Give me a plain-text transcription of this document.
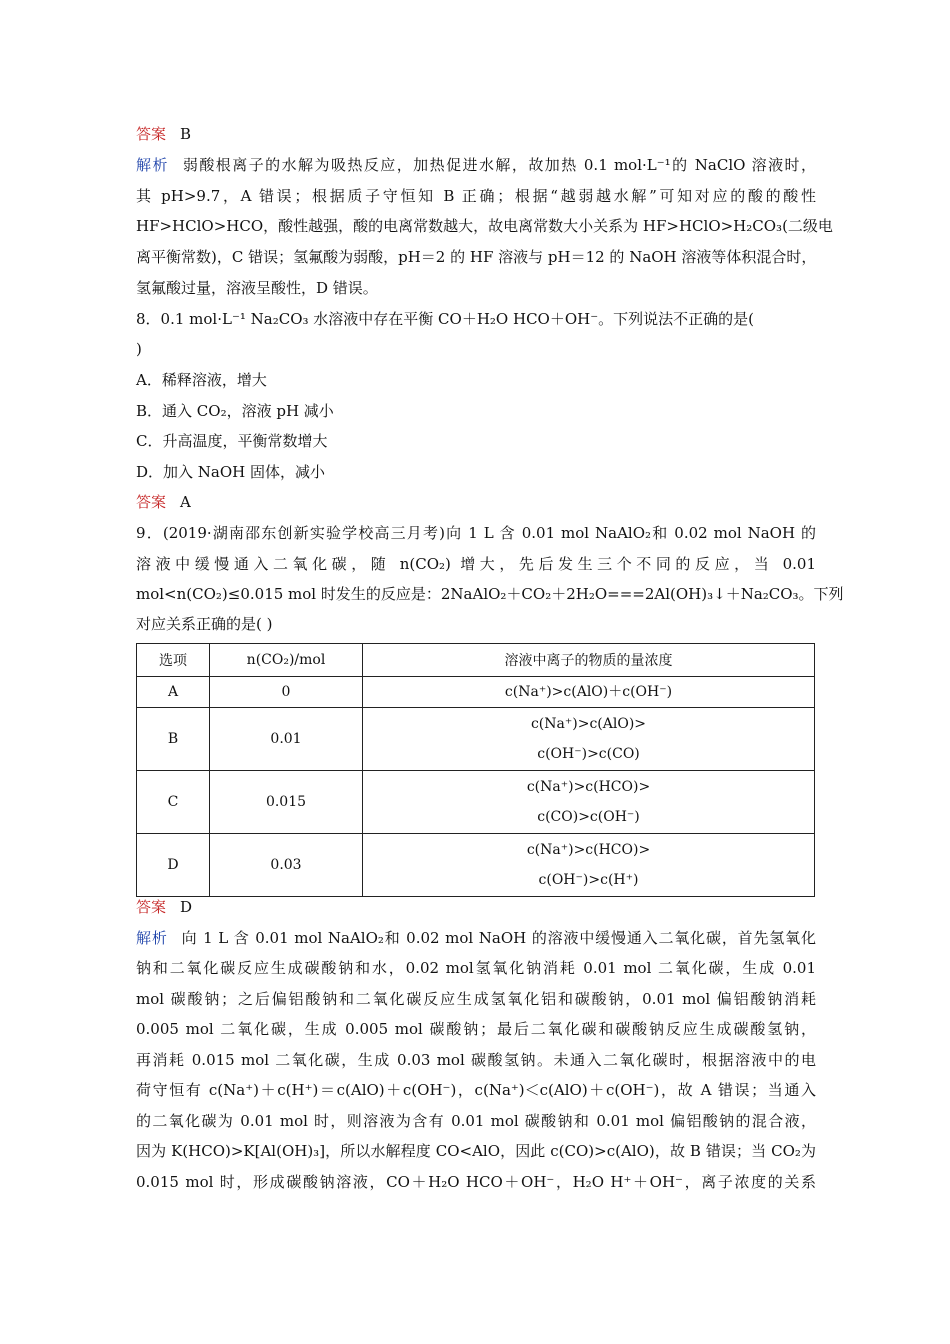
答案 B
解析 弱酸根离子的水解为吸热反应，加热促进水解，故加热 0.1 mol·L⁻¹的 NaClO 溶液时，
其 pH>9.7，A 错误；根据质子守恒知 B 正确；根据“越弱越水解”可知对应的酸的酸性
HF>HClO>HCO，酸性越强，酸的电离常数越大，故电离常数大小关系为 HF>HClO>H₂CO₃(二级电
离平衡常数)，C 错误；氢氟酸为弱酸，pH＝2 的 HF 溶液与 pH＝12 的 NaOH 溶液等体积混合时，
氢氟酸过量，溶液呈酸性，D 错误。
8．0.1 mol·L⁻¹ Na₂CO₃ 水溶液中存在平衡 CO＋H₂O HCO＋OH⁻。下列说法不正确的是(
)
A．稀释溶液，增大
B．通入 CO₂，溶液 pH 减小
C．升高温度，平衡常数增大
D．加入 NaOH 固体，减小
答案 A
9．(2019·湖南邵东创新实验学校高三月考)向 1 L 含 0.01 mol NaAlO₂和 0.02 mol NaOH 的
溶液中缓慢通入二氧化碳，随 n(CO₂) 增大，先后发生三个不同的反应，当 0.01
mol<n(CO₂)≤0.015 mol 时发生的反应是：2NaAlO₂＋CO₂＋2H₂O===2Al(OH)₃↓＋Na₂CO₃。下列
对应关系正确的是( )
选项	n(CO₂)/mol	溶液中离子的物质的量浓度
A	0	c(Na⁺)>c(AlO)＋c(OH⁻)

B	0.01	c(Na⁺)>c(AlO)>
c(OH⁻)>c(CO)

C	0.015	c(Na⁺)>c(HCO)>
c(CO)>c(OH⁻)

D	0.03	c(Na⁺)>c(HCO)>
c(OH⁻)>c(H⁺)
答案 D
解析 向 1 L 含 0.01 mol NaAlO₂和 0.02 mol NaOH 的溶液中缓慢通入二氧化碳，首先氢氧化
钠和二氧化碳反应生成碳酸钠和水，0.02 mol氢氧化钠消耗 0.01 mol 二氧化碳，生成 0.01
mol 碳酸钠；之后偏铝酸钠和二氧化碳反应生成氢氧化铝和碳酸钠，0.01 mol 偏铝酸钠消耗
0.005 mol 二氧化碳，生成 0.005 mol 碳酸钠；最后二氧化碳和碳酸钠反应生成碳酸氢钠，
再消耗 0.015 mol 二氧化碳，生成 0.03 mol 碳酸氢钠。未通入二氧化碳时，根据溶液中的电
荷守恒有 c(Na⁺)＋c(H⁺)＝c(AlO)＋c(OH⁻)，c(Na⁺)＜c(AlO)＋c(OH⁻)，故 A 错误；当通入
的二氧化碳为 0.01 mol 时，则溶液为含有 0.01 mol 碳酸钠和 0.01 mol 偏铝酸钠的混合液，
因为 K(HCO)>K[Al(OH)₃]，所以水解程度 CO<AlO，因此 c(CO)>c(AlO)，故 B 错误；当 CO₂为
0.015 mol 时，形成碳酸钠溶液，CO＋H₂O HCO＋OH⁻，H₂O H⁺＋OH⁻，离子浓度的关系
